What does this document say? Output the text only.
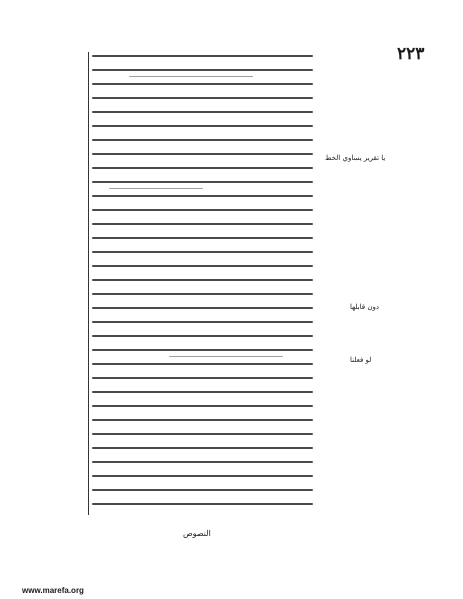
٢٢٣
يا تقرير يساوي الخط
دون قابلها
لو فعلنا
النصوص
www.marefa.org
